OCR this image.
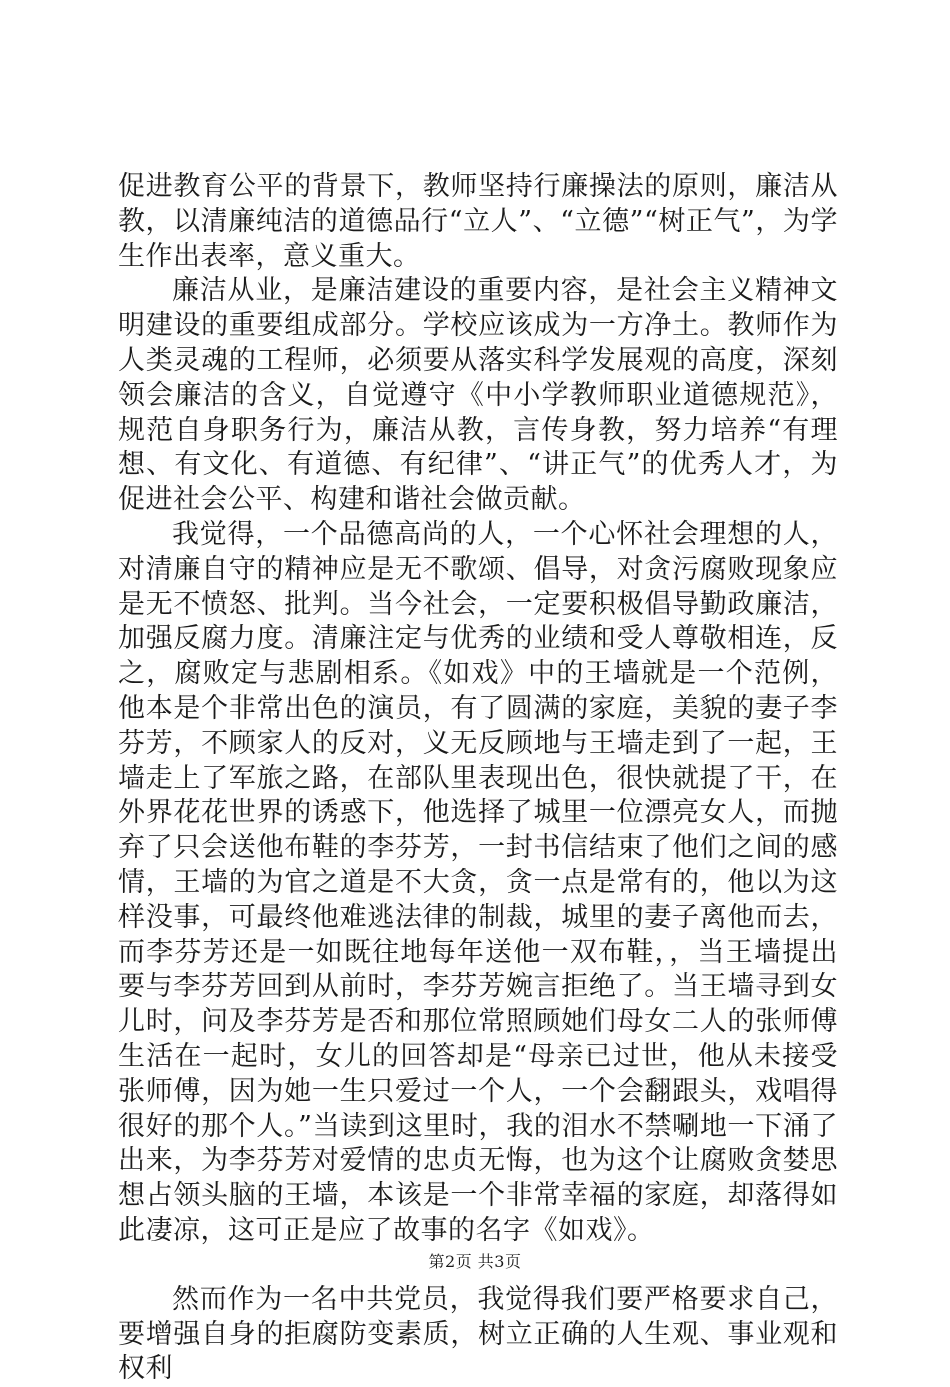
促进教育公平的背景下，教师坚持行廉操法的原则，廉洁从教，以清廉纯洁的道德品行“立人”、“立德”“树正气”，为学生作出表率，意义重大。

廉洁从业，是廉洁建设的重要内容，是社会主义精神文明建设的重要组成部分。学校应该成为一方净土。教师作为人类灵魂的工程师，必须要从落实科学发展观的高度，深刻领会廉洁的含义，自觉遵守《中小学教师职业道德规范》，规范自身职务行为，廉洁从教，言传身教，努力培养“有理想、有文化、有道德、有纪律”、“讲正气”的优秀人才，为促进社会公平、构建和谐社会做贡献。

我觉得，一个品德高尚的人，一个心怀社会理想的人，对清廉自守的精神应是无不歌颂、倡导，对贪污腐败现象应是无不愤怒、批判。当今社会，一定要积极倡导勤政廉洁，加强反腐力度。清廉注定与优秀的业绩和受人尊敬相连，反之，腐败定与悲剧相系。《如戏》中的王墙就是一个范例，他本是个非常出色的演员，有了圆满的家庭，美貌的妻子李芬芳，不顾家人的反对，义无反顾地与王墙走到了一起，王墙走上了军旅之路，在部队里表现出色，很快就提了干，在外界花花世界的诱惑下，他选择了城里一位漂亮女人，而抛弃了只会送他布鞋的李芬芳，一封书信结束了他们之间的感情，王墙的为官之道是不大贪，贪一点是常有的，他以为这样没事，可最终他难逃法律的制裁，城里的妻子离他而去，而李芬芳还是一如既往地每年送他一双布鞋，，当王墙提出要与李芬芳回到从前时，李芬芳婉言拒绝了。当王墙寻到女儿时，问及李芬芳是否和那位常照顾她们母女二人的张师傅生活在一起时，女儿的回答却是“母亲已过世，他从未接受张师傅，因为她一生只爱过一个人，一个会翻跟头，戏唱得很好的那个人。”当读到这里时，我的泪水不禁唰地一下涌了出来，为李芬芳对爱情的忠贞无悔，也为这个让腐败贪婪思想占领头脑的王墙，本该是一个非常幸福的家庭，却落得如此凄凉，这可正是应了故事的名字《如戏》。

然而作为一名中共党员，我觉得我们要严格要求自己，要增强自身的拒腐防变素质，树立正确的人生观、事业观和权利

第2页 共3页
